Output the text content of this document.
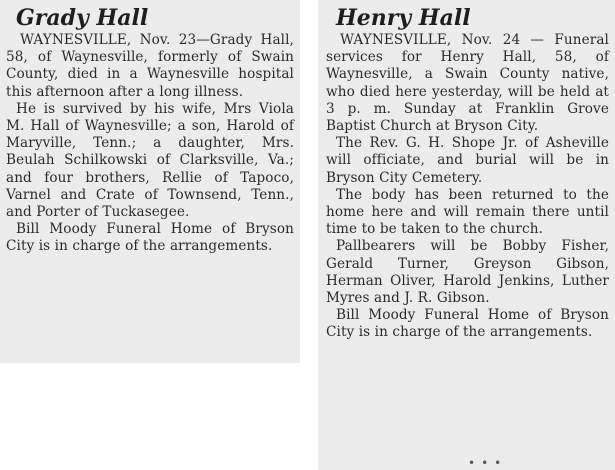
Grady Hall

WAYNESVILLE, Nov. 23—Grady Hall, 58, of Waynesville, formerly of Swain County, died in a Waynesville hospital this afternoon after a long illness.

He is survived by his wife, Mrs Viola M. Hall of Waynesville; a son, Harold of Maryville, Tenn.; a daughter, Mrs. Beulah Schilkowski of Clarksville, Va.; and four brothers, Rellie of Tapoco, Varnel and Crate of Townsend, Tenn., and Porter of Tuckasegee.

Bill Moody Funeral Home of Bryson City is in charge of the arrangements.

Henry Hall

WAYNESVILLE, Nov. 24 — Funeral services for Henry Hall, 58, of Waynesville, a Swain County native, who died here yesterday, will be held at 3 p. m. Sunday at Franklin Grove Baptist Church at Bryson City.

The Rev. G. H. Shope Jr. of Asheville will officiate, and burial will be in Bryson City Cemetery.

The body has been returned to the home here and will remain there until time to be taken to the church.

Pallbearers will be Bobby Fisher, Gerald Turner, Greyson Gibson, Herman Oliver, Harold Jenkins, Luther Myres and J. R. Gibson.

Bill Moody Funeral Home of Bryson City is in charge of the arrangements.

•••
